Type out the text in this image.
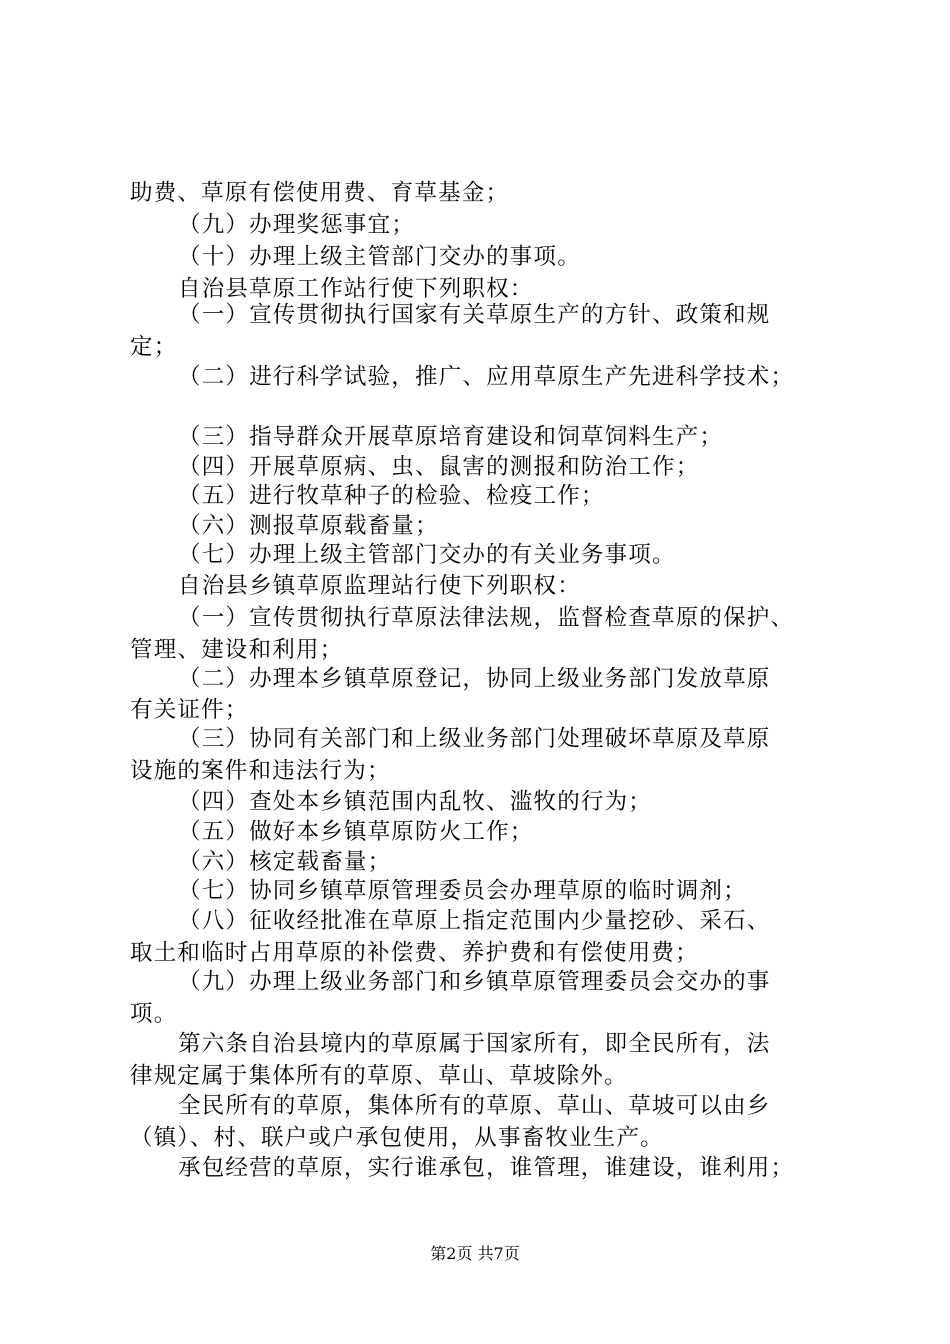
助费、草原有偿使用费、育草基金；
（九）办理奖惩事宜；
（十）办理上级主管部门交办的事项。
自治县草原工作站行使下列职权：
（一）宣传贯彻执行国家有关草原生产的方针、政策和规
定；
（二）进行科学试验，推广、应用草原生产先进科学技术；
（三）指导群众开展草原培育建设和饲草饲料生产；
（四）开展草原病、虫、鼠害的测报和防治工作；
（五）进行牧草种子的检验、检疫工作；
（六）测报草原载畜量；
（七）办理上级主管部门交办的有关业务事项。
自治县乡镇草原监理站行使下列职权：
（一）宣传贯彻执行草原法律法规，监督检查草原的保护、
管理、建设和利用；
（二）办理本乡镇草原登记，协同上级业务部门发放草原
有关证件；
（三）协同有关部门和上级业务部门处理破坏草原及草原
设施的案件和违法行为；
（四）查处本乡镇范围内乱牧、滥牧的行为；
（五）做好本乡镇草原防火工作；
（六）核定载畜量；
（七）协同乡镇草原管理委员会办理草原的临时调剂；
（八）征收经批准在草原上指定范围内少量挖砂、采石、
取土和临时占用草原的补偿费、养护费和有偿使用费；
（九）办理上级业务部门和乡镇草原管理委员会交办的事
项。
第六条自治县境内的草原属于国家所有，即全民所有，法
律规定属于集体所有的草原、草山、草坡除外。
全民所有的草原，集体所有的草原、草山、草坡可以由乡
（镇）、村、联户或户承包使用，从事畜牧业生产。
承包经营的草原，实行谁承包，谁管理，谁建设，谁利用；
第2页 共7页
